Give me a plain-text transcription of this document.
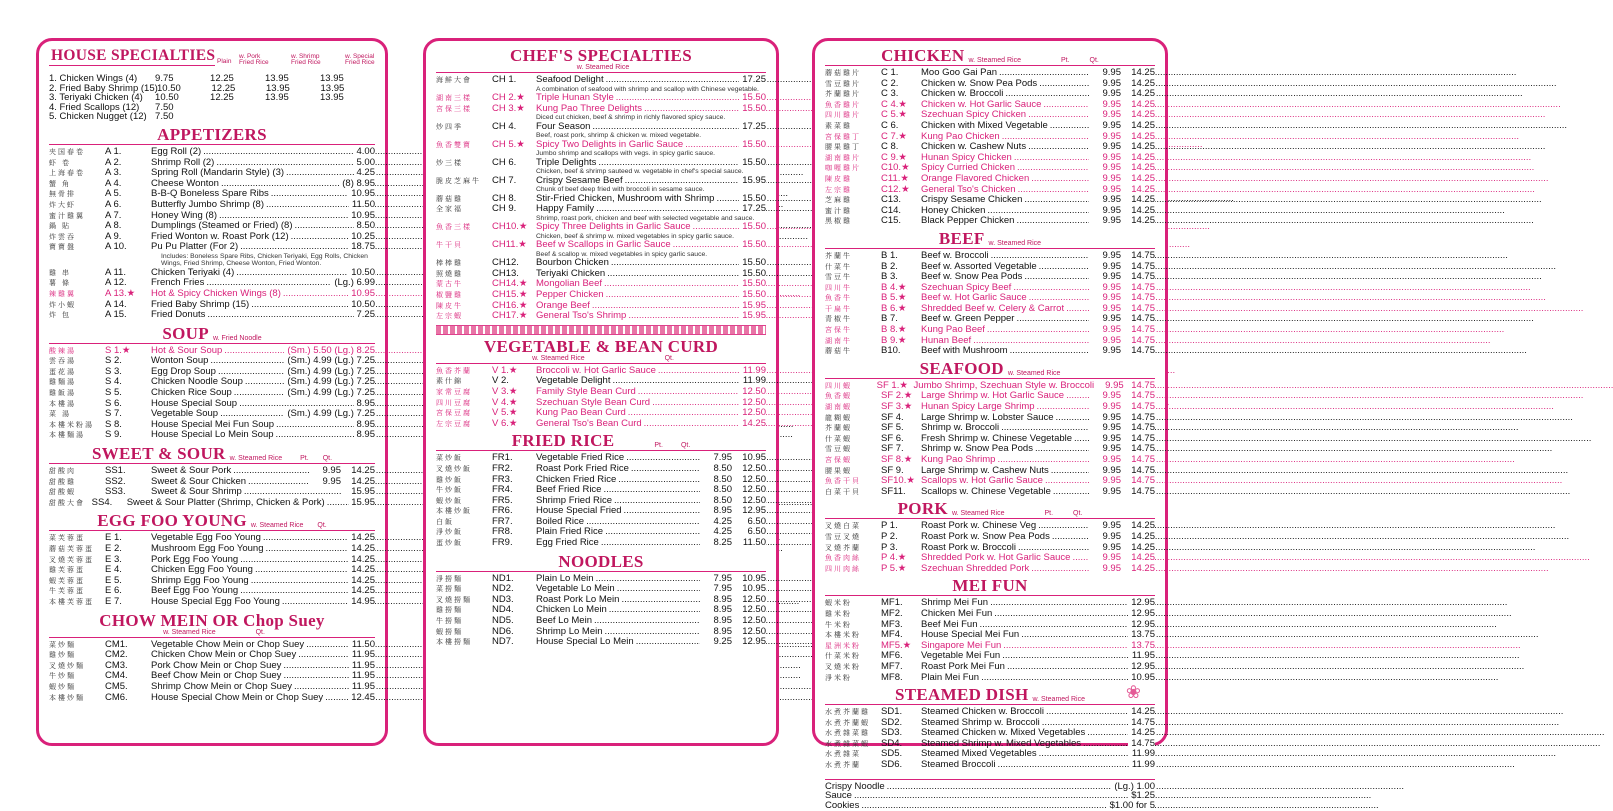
HOUSE SPECIALTIES Plain
w. Pork Fried Rice
w. Shrimp Fried Rice
w. Special Fried Rice
1. Chicken Wings (4)	9.75	12.25	13.95	13.95
2. Fried Baby Shrimp (15) 10.50	12.25	13.95	13.95
3. Teriyaki Chicken (4)	10.50	12.25	13.95	13.95
4. Fried Scallops (12)	7.50
5. Chicken Nugget (12) 7.50
APPETIZERS
夹国春卷	A 1.	Egg Roll (2) .....	4.00
虾 卷	A 2.	Shrimp Roll (2) .....	5.00
上海春卷	A 3.	Spring Roll (Mandarin Style) (3) .....	4.25
蟹 角	A 4.	Cheese Wonton .....	(8) 8.95
無骨排	A 5.	B-B-Q Boneless Spare Ribs .....	10.95
炸大虾	A 6.	Butterfly Jumbo Shrimp (8) .....	11.50
蜜汁雞翼	A 7.	Honey Wing (8) .....	10.95
鍋 貼	A 8.	Dumplings (Steamed or Fried) (8) .....	8.50
炸雲吞	A 9.	Fried Wonton w. Roast Pork (12) .....	10.25
寶寶盤	A 10.	Pu Pu Platter (For 2) .....	18.75
Includes: Boneless Spare Ribs, Chicken Teriyaki, Egg Rolls, Chicken Wings, Fried Shrimp, Cheese Wonton, Fried Wonton.
雞 串	A 11.	Chicken Teriyaki (4) .....	10.50
薯 條	A 12.	French Fries .....	(Lg.) 6.99
辣雞翼	A 13.★	Hot & Spicy Chicken Wings (8) .....	10.95
炸小蝦	A 14.	Fried Baby Shrimp (15) .....	10.50
炸 包	A 15.	Fried Donuts .....	7.25
SOUP w. Fried Noodle
酸辣湯	S 1.★	Hot & Sour Soup .....	(Sm.) 5.50 (Lg.) 8.25
雲吞湯	S 2.	Wonton Soup .....	(Sm.) 4.99 (Lg.) 7.25
蛋花湯	S 3.	Egg Drop Soup .....	(Sm.) 4.99 (Lg.) 7.25
雞麵湯	S 4.	Chicken Noodle Soup .....	(Sm.) 4.99 (Lg.) 7.25
雞飯湯	S 5.	Chicken Rice Soup .....	(Sm.) 4.99 (Lg.) 7.25
本樓湯	S 6.	House Special Soup .....	8.95
菜 湯	S 7.	Vegetable Soup .....	(Sm.) 4.99 (Lg.) 7.25
本樓米粉湯	S 8.	House Special Mei Fun Soup .....	8.95
本樓麵湯	S 9.	House Special Lo Mein Soup .....	8.95
SWEET & SOUR w. Steamed Rice	Pt. Qt.
甜酸肉	SS1.	Sweet & Sour Pork .....	9.95	14.25
甜酸雞	SS2.	Sweet & Sour Chicken .....	9.95	14.25
甜酸蝦	SS3.	Sweet & Sour Shrimp .....	15.95
甜酸大會 SS4.	Sweet & Sour Platter (Shrimp, Chicken & Pork) .....	15.95
EGG FOO YOUNG w. Steamed Rice Qt.
菜芙蓉蛋	E 1.	Vegetable Egg Foo Young .....	14.25
蘑菇芙蓉蛋	E 2.	Mushroom Egg Foo Young .....	14.25
叉燒芙蓉蛋	E 3.	Pork Egg Foo Young .....	14.25
雞芙蓉蛋	E 4.	Chicken Egg Foo Young .....	14.25
蝦芙蓉蛋	E 5.	Shrimp Egg Foo Young .....	14.25
牛芙蓉蛋	E 6.	Beef Egg Foo Young .....	14.25
本樓芙蓉蛋	E 7.	House Special Egg Foo Young .....	14.95
CHOW MEIN OR Chop Suey
w. Steamed Rice	Qt.
菜炒麵	CM1.	Vegetable Chow Mein or Chop Suey .....	11.50
雞炒麵	CM2.	Chicken Chow Mein or Chop Suey .....	11.95
叉燒炒麵	CM3.	Pork Chow Mein or Chop Suey .....	11.95
牛炒麵	CM4.	Beef Chow Mein or Chop Suey .....	11.95
蝦炒麵	CM5.	Shrimp Chow Mein or Chop Suey .....	11.95
本樓炒麵	CM6.	House Special Chow Mein or Chop Suey .....	12.45
CHEF'S SPECIALTIES
w. Steamed Rice
海鮮大會	CH 1.	Seafood Delight .....	17.25
A combination of seafood with shrimp and scallop with Chinese vegetable.
湖南三樣	CH 2.★	Triple Hunan Style .....	15.50
宮保三樣	CH 3.★	Kung Pao Three Delights .....	15.50
Diced cut chicken, beef & shrimp in richly flavored spicy sauce.
炒四季	CH 4.	Four Season .....	17.25
Beef, roast pork, shrimp & chicken w. mixed vegetable.
魚香雙寶	CH 5.★	Spicy Two Delights in Garlic Sauce .....	15.50
Jumbo shrimp and scallops with vegs. in spicy garlic sauce.
炒三樣	CH 6.	Triple Delights .....	15.50
Chicken, beef & shrimp sauteed w. vegetable in chef's special sauce.
脆皮芝麻牛	CH 7.	Crispy Sesame Beef .....	15.95
Chunk of beef deep fried with broccoli in sesame sauce.
蘑菇雞	CH 8.	Stir-Fried Chicken, Mushroom with Shrimp .....	15.50
全家福	CH 9.	Happy Family .....	17.25
Shrimp, roast pork, chicken and beef with selected vegetable and sauce.
魚香三樣	CH10.★ Spicy Three Delights in Garlic Sauce .....	15.50
Chicken, beef & shrimp w. mixed vegetables in spicy garlic sauce.
牛干貝	CH11.★ Beef w Scallops in Garlic Sauce .....	15.50
Beef & scallop w. mixed vegetables in spicy garlic sauce.
棒棒雞	CH12.	Bourbon Chicken .....	15.50
照燒雞	CH13.	Teriyaki Chicken .....	15.50
蒙古牛	CH14.★ Mongolian Beef .....	15.50
椒鹽雞	CH15.★ Pepper Chicken .....	15.50
陳皮牛	CH16.★ Orange Beef .....	15.95
左宗蝦	CH17.★ General Tso's Shrimp .....	15.95
VEGETABLE & BEAN CURD
w. Steamed Rice	Qt.
魚香芥蘭	V 1.★	Broccoli w. Hot Garlic Sauce .....	11.99
素什錦	V 2.	Vegetable Delight .....	11.99
家常豆腐	V 3.★	Family Style Bean Curd .....	12.50
四川豆腐	V 4.★	Szechuan Style Bean Curd .....	12.50
宮保豆腐	V 5.★	Kung Pao Bean Curd .....	12.50
左宗豆腐	V 6.★	General Tso's Bean Curd .....	14.25
FRIED RICE	Pt.	Qt.
菜炒飯	FR1.	Vegetable Fried Rice .....	7.95	10.95
叉燒炒飯	FR2.	Roast Pork Fried Rice .....	8.50	12.50
雞炒飯	FR3.	Chicken Fried Rice .....	8.50	12.50
牛炒飯	FR4.	Beef Fried Rice .....	8.50	12.50
蝦炒飯	FR5.	Shrimp Fried Rice .....	8.50	12.50
本樓炒飯	FR6.	House Special Fried .....	8.95	12.95
白飯	FR7.	Boiled Rice .....	4.25	6.50
淨炒飯	FR8.	Plain Fried Rice .....	4.25	6.50
蛋炒飯	FR9.	Egg Fried Rice .....	8.25	11.50
NOODLES
淨撈麵	ND1.	Plain Lo Mein .....	7.95	10.95
菜撈麵	ND2.	Vegetable Lo Mein .....	7.95	10.95
叉燒撈麵	ND3.	Roast Pork Lo Mein .....	8.95	12.50
雞撈麵	ND4.	Chicken Lo Mein .....	8.95	12.50
牛撈麵	ND5.	Beef Lo Mein .....	8.95	12.50
蝦撈麵	ND6.	Shrimp Lo Mein .....	8.95	12.50
本樓撈麵	ND7.	House Special Lo Mein .....	9.25	12.95
CHICKEN w. Steamed Rice	Pt.	Qt.
蘑菇雞片	C 1.	Moo Goo Gai Pan .....	9.95	14.25
雪豆雞片	C 2.	Chicken w. Snow Pea Pods .....	9.95	14.25
芥蘭雞片	C 3.	Chicken w. Broccoli .....	9.95	14.25
魚香雞片	C 4.★	Chicken w. Hot Garlic Sauce .....	9.95	14.25
四川雞片	C 5.★	Szechuan Spicy Chicken .....	9.95	14.25
素菜雞	C 6.	Chicken with Mixed Vegetable .....	9.95	14.25
宮保雞丁	C 7.★	Kung Pao Chicken .....	9.95	14.25
腰果雞丁	C 8.	Chicken w. Cashew Nuts .....	9.95	14.25
湖南雞片	C 9.★	Hunan Spicy Chicken .....	9.95	14.25
咖喱雞片	C10.★	Spicy Curried Chicken .....	9.95	14.25
陳皮雞	C11.★	Orange Flavored Chicken .....	9.95	14.25
左宗雞	C12.★	General Tso's Chicken .....	9.95	14.25
芝麻雞	C13.	Crispy Sesame Chicken .....	9.95	14.25
蜜汁雞	C14.	Honey Chicken .....	9.95	14.25
黑椒雞	C15.	Black Pepper Chicken .....	9.95	14.25
BEEF w. Steamed Rice
芥蘭牛	B 1.	Beef w. Broccoli .....	9.95	14.75
什菜牛	B 2.	Beef w. Assorted Vegetable .....	9.95	14.75
雪豆牛	B 3.	Beef w. Snow Pea Pods .....	9.95	14.75
四川牛	B 4.★	Szechuan Spicy Beef .....	9.95	14.75
魚香牛	B 5.★	Beef w. Hot Garlic Sauce .....	9.95	14.75
干扁牛	B 6.★	Shredded Beef w. Celery & Carrot .....	9.95	14.75
青椒牛	B 7.	Beef w. Green Pepper .....	9.95	14.75
宮保牛	B 8.★	Kung Pao Beef .....	9.95	14.75
湖南牛	B 9.★	Hunan Beef .....	9.95	14.75
蘑菇牛	B10.	Beef with Mushroom .....	9.95	14.75
SEAFOOD w. Steamed Rice
四川蝦	SF 1.★ Jumbo Shrimp, Szechuan Style w. Broccoli .....	9.95 14.75
魚香蝦	SF 2.★ Large Shrimp w. Hot Garlic Sauce .....	9.95	14.75
湖南蝦	SF 3.★ Hunan Spicy Large Shrimp .....	9.95	14.75
龍糊蝦	SF 4.	Large Shrimp w. Lobster Sauce .....	9.95	14.75
芥蘭蝦	SF 5.	Shrimp w. Broccoli .....	9.95	14.75
什菜蝦	SF 6.	Fresh Shrimp w. Chinese Vegetable .....	9.95	14.75
雪豆蝦	SF 7.	Shrimp w. Snow Pea Pods .....	9.95	14.75
宮保蝦	SF 8.★ Kung Pao Shrimp .....	9.95	14.75
腰果蝦	SF 9.	Large Shrimp w. Cashew Nuts .....	9.95	14.75
魚香干貝	SF10.★ Scallops w. Hot Garlic Sauce .....	9.95	14.75
白菜干貝	SF11.	Scallops w. Chinese Vegetable .....	9.95	14.75
PORK w. Steamed Rice	Pt.	Qt.
叉燒白菜	P 1.	Roast Pork w. Chinese Veg .....	9.95	14.25
雪豆叉燒	P 2.	Roast Pork w. Snow Pea Pods .....	9.95	14.25
叉燒芥蘭	P 3.	Roast Pork w. Broccoli .....	9.95	14.25
魚香肉絲	P 4.★	Shredded Pork w. Hot Garlic Sauce .....	9.95	14.25
四川肉絲	P 5.★	Szechuan Shredded Pork .....	9.95	14.25
MEI FUN
蝦米粉	MF1.	Shrimp Mei Fun .....	12.95
雞米粉	MF2.	Chicken Mei Fun .....	12.95
牛米粉	MF3.	Beef Mei Fun .....	12.95
本樓米粉	MF4.	House Special Mei Fun .....	13.75
星洲米粉	MF5.★	Singapore Mei Fun .....	13.75
什菜米粉	MF6.	Vegetable Mei Fun .....	11.95
叉燒米粉	MF7.	Roast Pork Mei Fun .....	12.95
淨米粉	MF8.	Plain Mei Fun .....	10.95
STEAMED DISH w. Steamed Rice ❀
水煮芥蘭雞	SD1.	Steamed Chicken w. Broccoli .....	14.25
水煮芥蘭蝦	SD2.	Steamed Shrimp w. Broccoli .....	14.75
水煮雜菜雞	SD3.	Steamed Chicken w. Mixed Vegetables .....	14.25
水煮雜菜蝦	SD4.	Steamed Shrimp w. Mixed Vegetables .....	14.75
水煮雜菜	SD5.	Steamed Mixed Vegetables .....	11.99
水煮芥蘭	SD6.	Steamed Broccoli .....	11.99
Crispy Noodle .....	(Lg.) 1.00
Sauce .....	$1.25
Cookies .....	$1.00 for 5
